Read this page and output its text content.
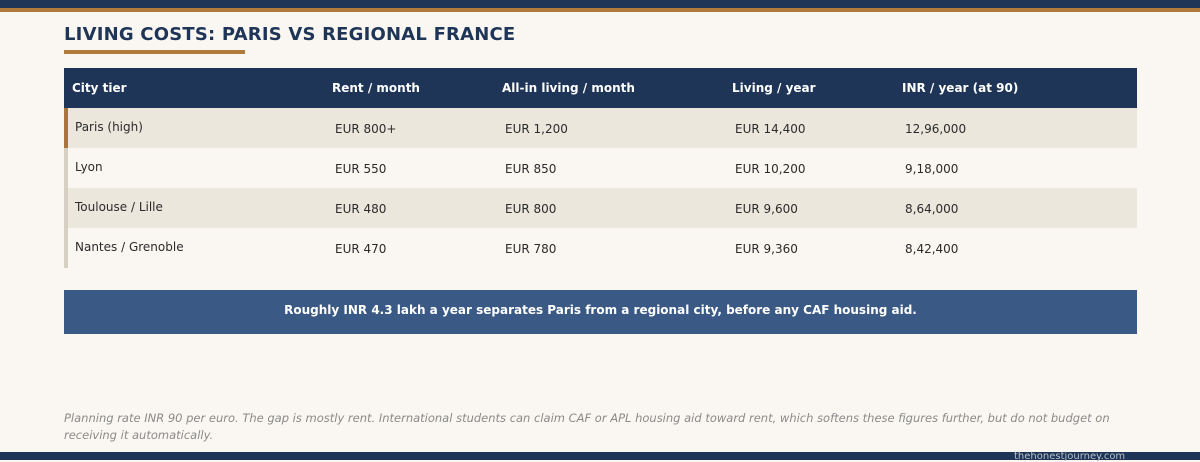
LIVING COSTS: PARIS VS REGIONAL FRANCE
City tier	Rent / month	All-in living / month	Living / year	INR / year (at 90)
Paris (high)	EUR 800+	EUR 1,200	EUR 14,400	12,96,000
Lyon	EUR 550	EUR 850	EUR 10,200	9,18,000
Toulouse / Lille	EUR 480	EUR 800	EUR 9,600	8,64,000
Nantes / Grenoble	EUR 470	EUR 780	EUR 9,360	8,42,400
Roughly INR 4.3 lakh a year separates Paris from a regional city, before any CAF housing aid.
Planning rate INR 90 per euro. The gap is mostly rent. International students can claim CAF or APL housing aid toward rent, which softens these figures further, but do not budget on receiving it automatically.
thehonestjourney.com
